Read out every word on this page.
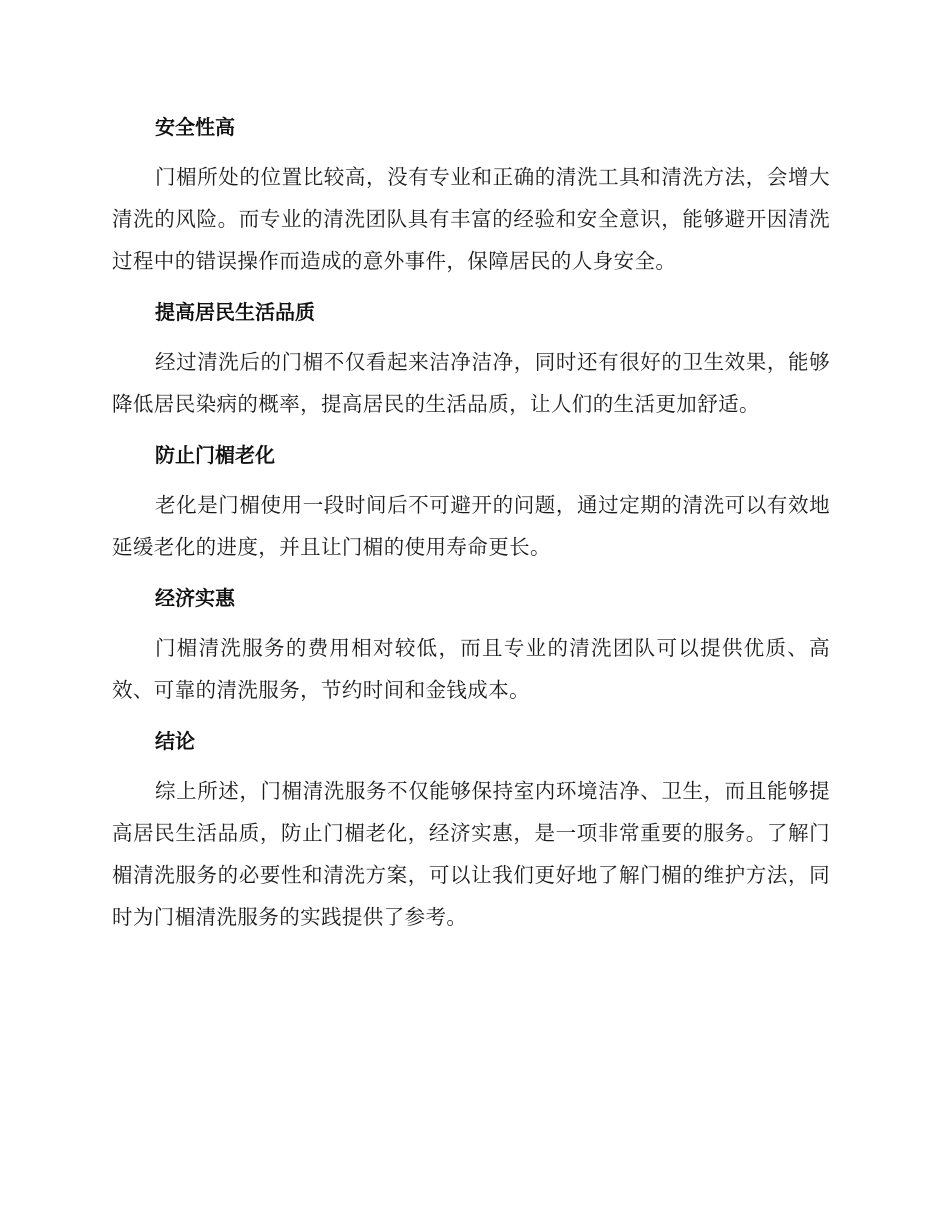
安全性高

门楣所处的位置比较高，没有专业和正确的清洗工具和清洗方法，会增大清洗的风险。而专业的清洗团队具有丰富的经验和安全意识，能够避开因清洗过程中的错误操作而造成的意外事件，保障居民的人身安全。

提高居民生活品质

经过清洗后的门楣不仅看起来洁净洁净，同时还有很好的卫生效果，能够降低居民染病的概率，提高居民的生活品质，让人们的生活更加舒适。

防止门楣老化

老化是门楣使用一段时间后不可避开的问题，通过定期的清洗可以有效地延缓老化的进度，并且让门楣的使用寿命更长。

经济实惠

门楣清洗服务的费用相对较低，而且专业的清洗团队可以提供优质、高效、可靠的清洗服务，节约时间和金钱成本。

结论

综上所述，门楣清洗服务不仅能够保持室内环境洁净、卫生，而且能够提高居民生活品质，防止门楣老化，经济实惠，是一项非常重要的服务。了解门楣清洗服务的必要性和清洗方案，可以让我们更好地了解门楣的维护方法，同时为门楣清洗服务的实践提供了参考。
